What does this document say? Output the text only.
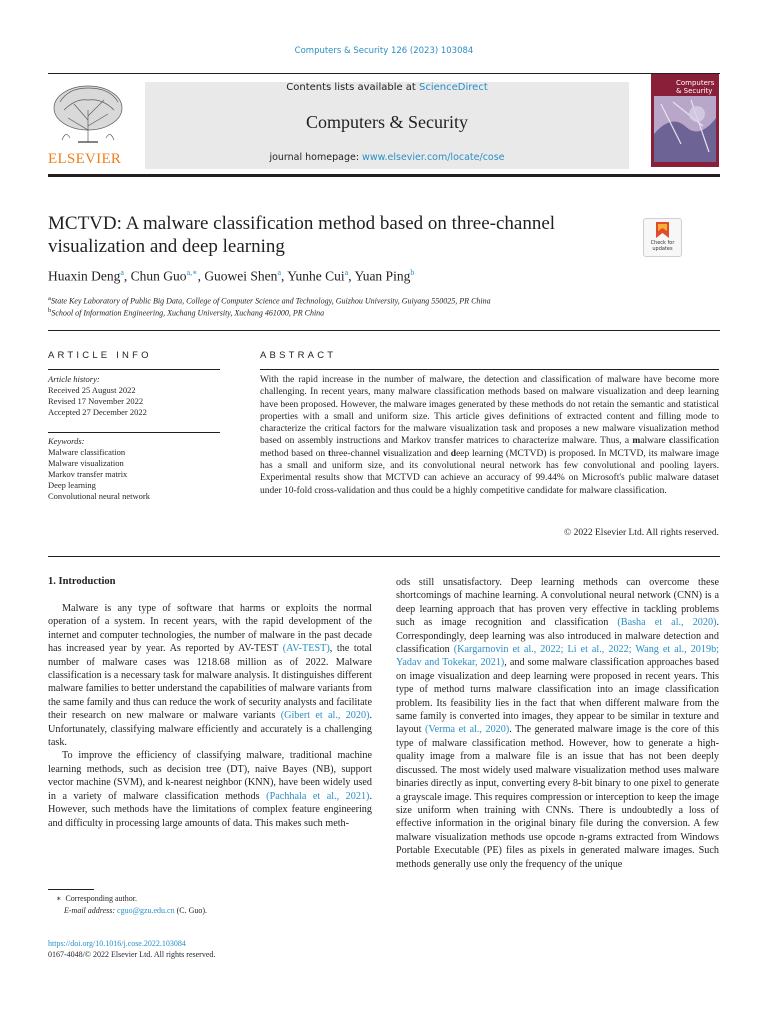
Computers & Security 126 (2023) 103084
ELSEVIER
Contents lists available at ScienceDirect
Computers & Security
journal homepage: www.elsevier.com/locate/cose
Computers
& Security
MCTVD: A malware classification method based on three-channel visualization and deep learning	Check for
updates
Huaxin Deng$^a$, Chun Guo$^{a,∗}$, Guowei Shen$^a$, Yunhe Cui$^a$, Yuan Ping$^b$
$^a$State Key Laboratory of Public Big Data, College of Computer Science and Technology, Guizhou University, Guiyang 550025, PR China
$^b$School of Information Engineering, Xuchang University, Xuchang 461000, PR China
ARTICLE INFO
Article history:
Received 25 August 2022
Revised 17 November 2022
Accepted 27 December 2022
Keywords:
Malware classification
Malware visualization
Markov transfer matrix
Deep learning
Convolutional neural network
ABSTRACT
With the rapid increase in the number of malware, the detection and classification of malware have become more challenging. In recent years, many malware classification methods based on malware visualization and deep learning have been proposed. However, the malware images generated by these methods do not retain the semantic and statistical properties with a small and uniform size. This article gives definitions of extracted content and filling mode to characterize the critical factors for the malware visualization task and proposes a new malware visualization method based on assembly instructions and Markov transfer matrices to characterize malware. Thus, a malware classification method based on three-channel visualization and deep learning (MCTVD) is proposed. In MCTVD, its malware image has a small and uniform size, and its convolutional neural network has few convolutional and pooling layers. Experimental results show that MCTVD can achieve an accuracy of 99.44% on Microsoft's public malware dataset under 10-fold cross-validation and thus could be a highly competitive candidate for malware classification.
© 2022 Elsevier Ltd. All rights reserved.
1. Introduction

Malware is any type of software that harms or exploits the normal operation of a system. In recent years, with the rapid development of the internet and computer technologies, the number of malware in the past decade has increased year by year. As reported by AV-TEST (AV-TEST), the total number of malware cases was 1218.68 million as of 2022. Malware classification is a necessary task for malware analysis. It distinguishes different malware families to better understand the capabilities of malware variants from the same family and thus can reduce the work of security analysts and facilitate their research on new malware or malware variants (Gibert et al., 2020). Unfortunately, classifying malware efficiently and accurately is a challenging task.

To improve the efficiency of classifying malware, traditional machine learning methods, such as decision tree (DT), naive Bayes (NB), support vector machine (SVM), and k-nearest neighbor (KNN), have been widely used in a variety of malware classification methods (Pachhala et al., 2021). However, such methods have the limitations of complex feature engineering and difficulty in processing large amounts of data. This makes such meth-

ods still unsatisfactory. Deep learning methods can overcome these shortcomings of machine learning. A convolutional neural network (CNN) is a deep learning approach that has proven very effective in tackling problems such as image recognition and classification (Basha et al., 2020). Correspondingly, deep learning was also introduced in malware detection and classification (Kargarnovin et al., 2022; Li et al., 2022; Wang et al., 2019b; Yadav and Tokekar, 2021), and some malware classification approaches based on image visualization and deep learning were proposed in recent years. This type of method turns malware classification into an image classification problem. Its feasibility lies in the fact that when different malware from the same family is converted into images, they appear to be similar in texture and layout (Verma et al., 2020). The generated malware image is the core of this type of malware classification method. However, how to generate a high-quality image from a malware file is an issue that has not been deeply discussed. The most widely used malware visualization method uses malware binaries directly as input, converting every 8-bit binary to one pixel to generate a grayscale image. This requires compression or interception to keep the image size uniform when training with CNNs. There is undoubtedly a loss of effective information in the original binary file during the conversion. A few malware visualization methods use opcode n-grams extracted from Windows Portable Executable (PE) files as pixels in generated malware images. Such methods generally use only the frequency of the unique

∗  Corresponding author.
E-mail address: cguo@gzu.edu.cn (C. Guo).
https://doi.org/10.1016/j.cose.2022.103084
0167-4048/© 2022 Elsevier Ltd. All rights reserved.
